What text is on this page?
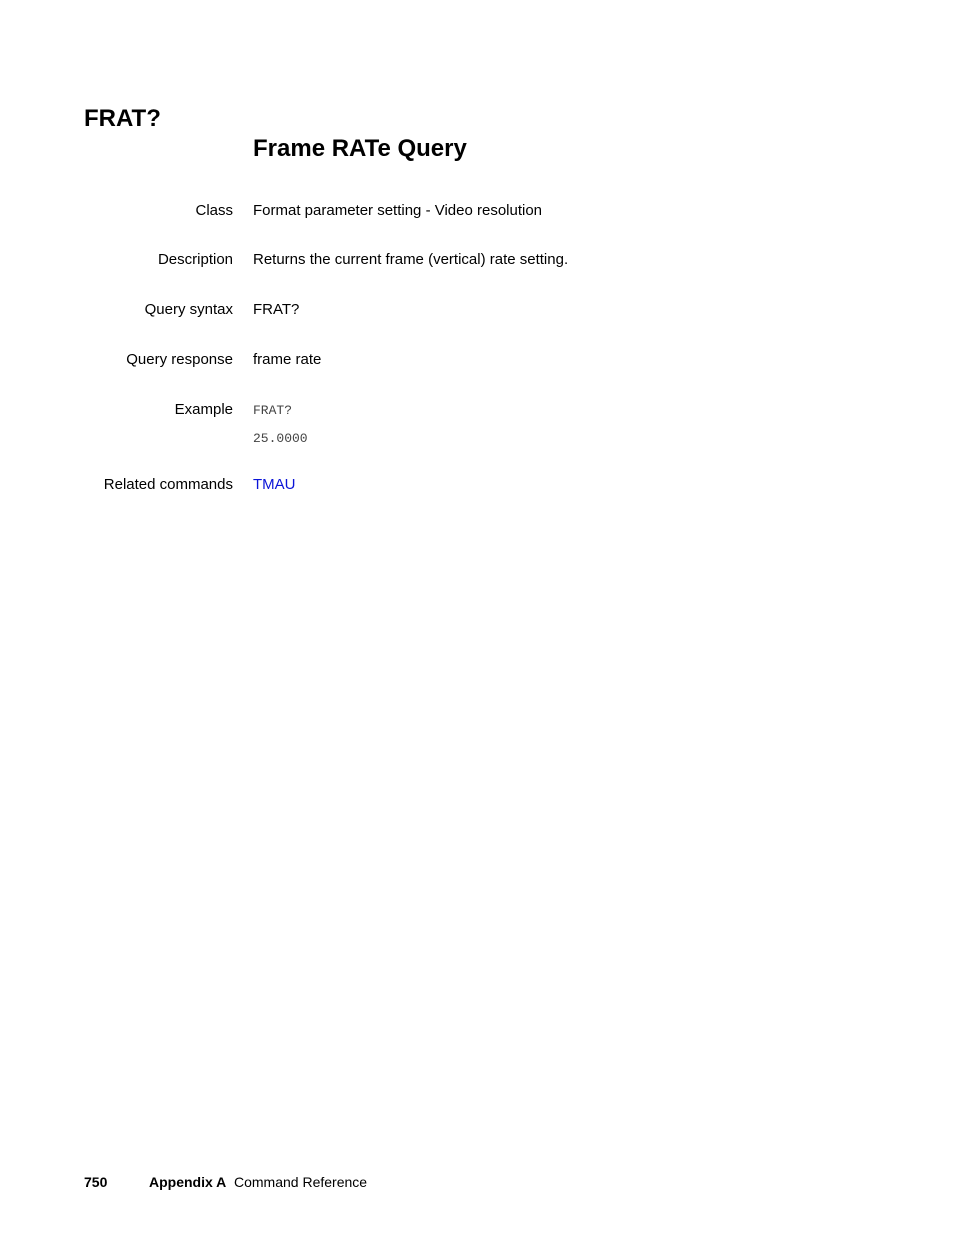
FRAT?
Frame RATe Query
Class Format parameter setting - Video resolution
Description Returns the current frame (vertical) rate setting.
Query syntax FRAT?
Query response frame rate
Example FRAT?
25.0000
Related commands TMAU
750	Appendix A Command Reference
